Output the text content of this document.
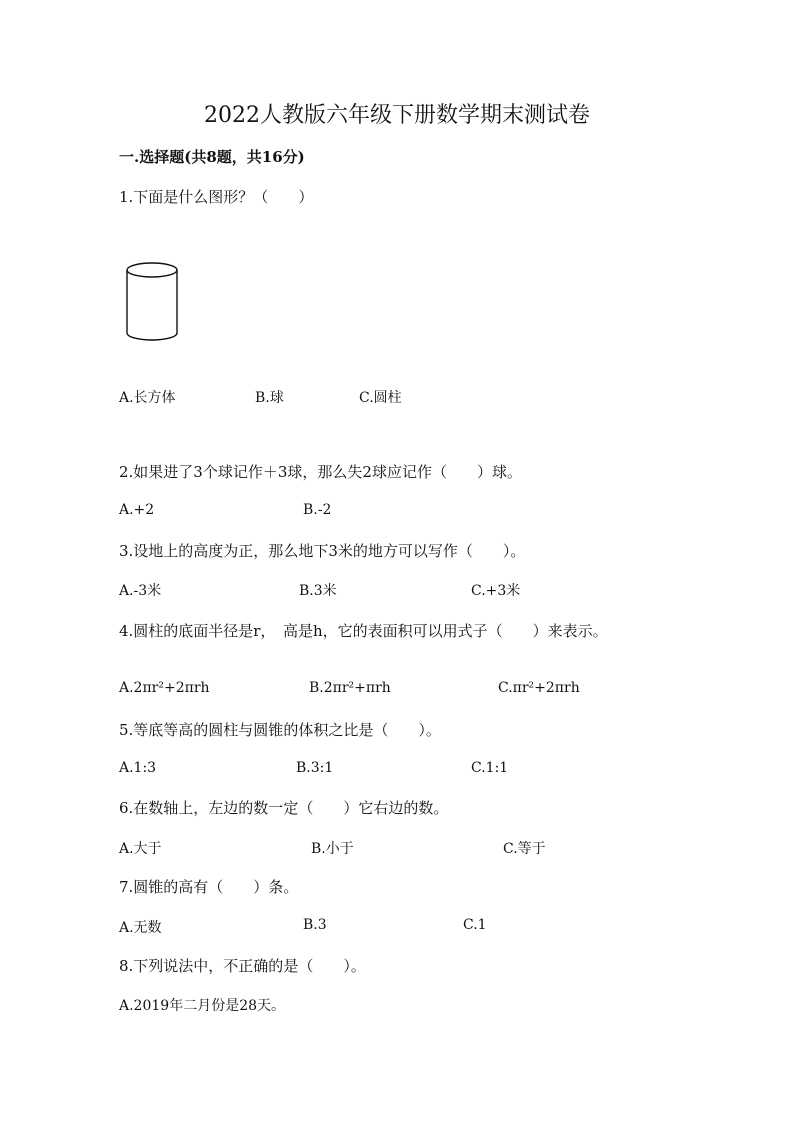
2022人教版六年级下册数学期末测试卷
一.选择题(共8题，共16分)
1.下面是什么图形？（　　）
A.长方体	B.球	C.圆柱
2.如果进了3个球记作＋3球，那么失2球应记作（　　）球。
A.+2	B.-2
3.设地上的高度为正，那么地下3米的地方可以写作（　　）。
A.-3米	B.3米	C.+3米
4.圆柱的底面半径是r，　高是h，它的表面积可以用式子（　　）来表示。
A.2πr²+2πrh	B.2πr²+πrh	C.πr²+2πrh
5.等底等高的圆柱与圆锥的体积之比是（　　）。
A.1:3	B.3:1	C.1:1
6.在数轴上，左边的数一定（　　）它右边的数。
A.大于	B.小于	C.等于
7.圆锥的高有（　　）条。
A.无数	B.3	C.1
8.下列说法中，不正确的是（　　）。
A.2019年二月份是28天。
